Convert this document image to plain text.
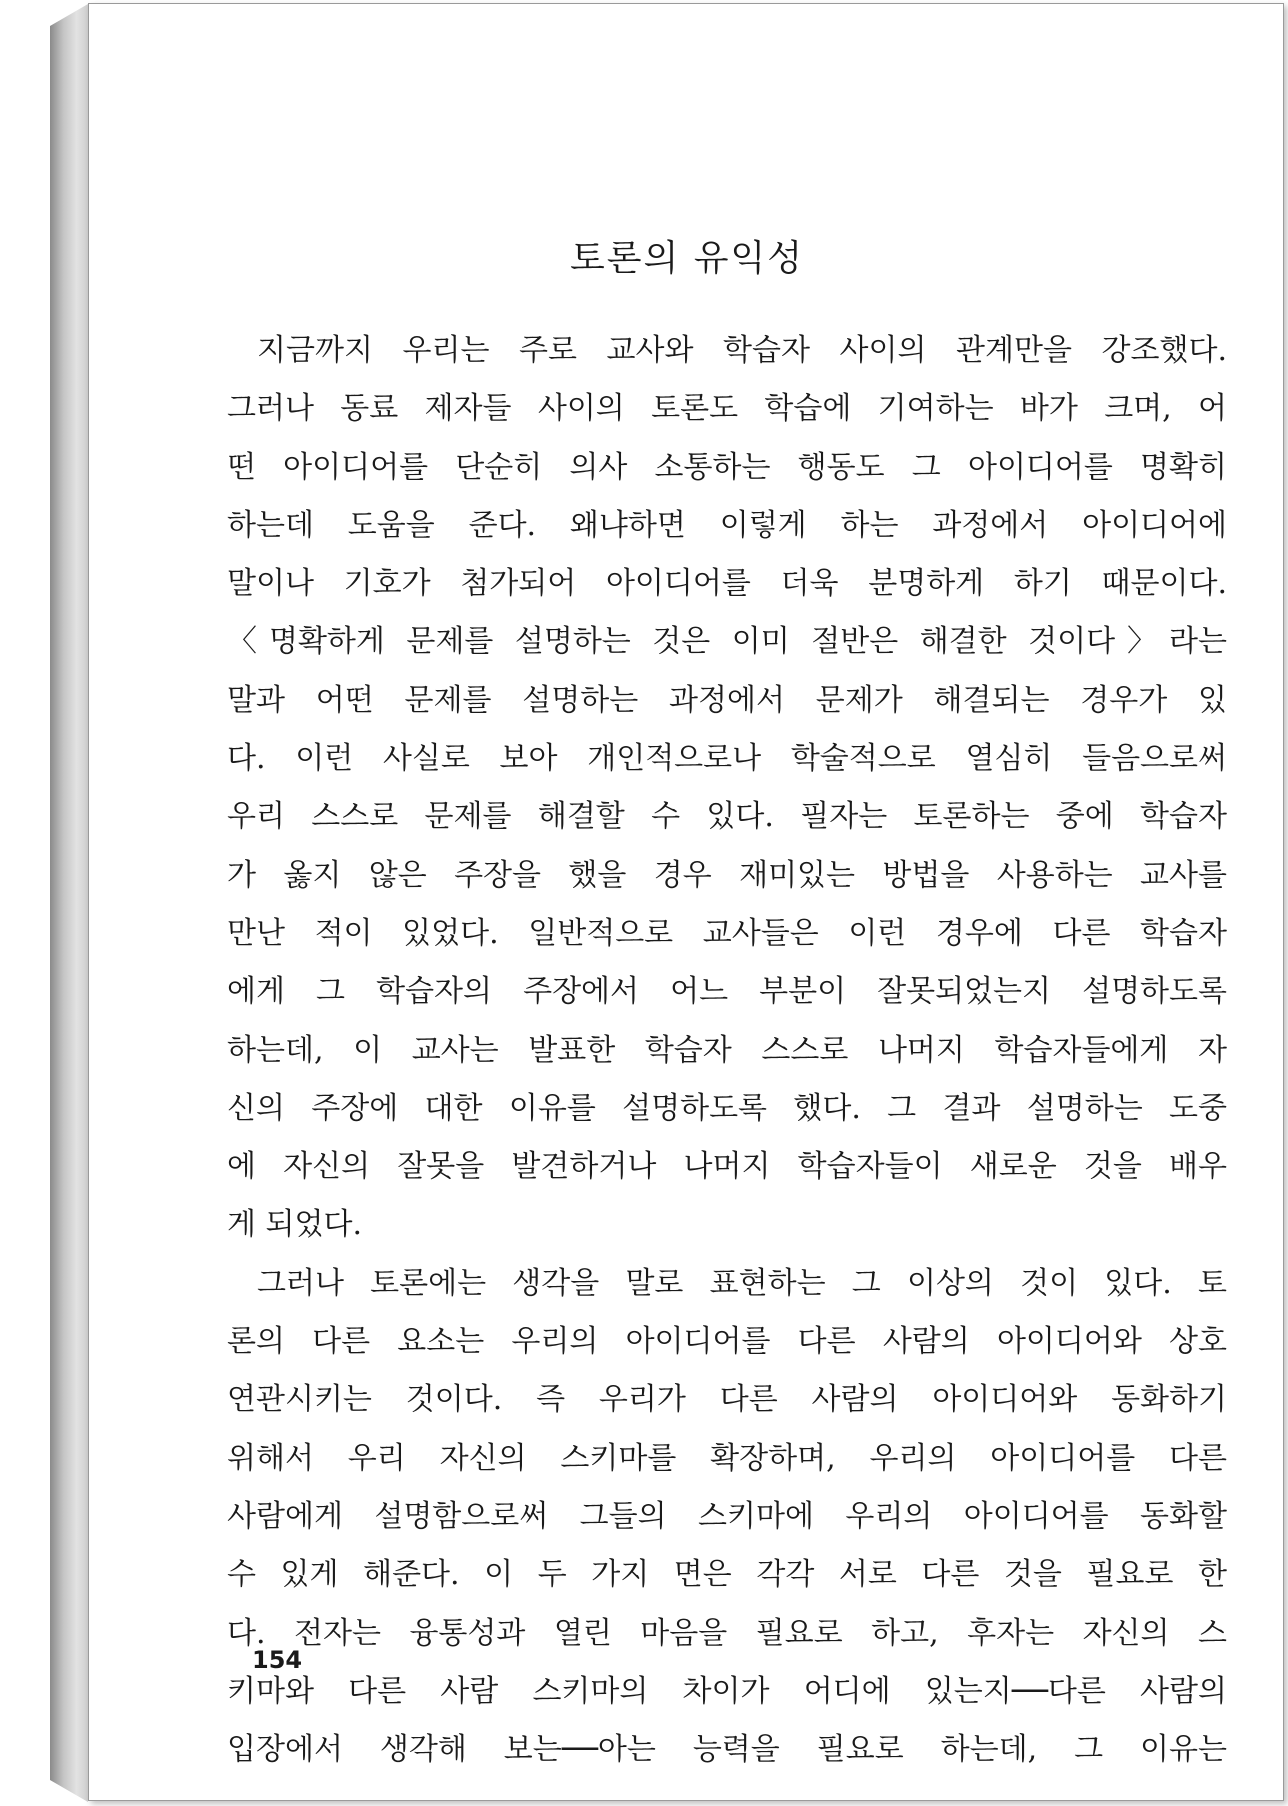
토론의 유익성
지금까지 우리는 주로 교사와 학습자 사이의 관계만을 강조했다.
그러나 동료 제자들 사이의 토론도 학습에 기여하는 바가 크며, 어
떤 아이디어를 단순히 의사 소통하는 행동도 그 아이디어를 명확히
하는데 도움을 준다. 왜냐하면 이렇게 하는 과정에서 아이디어에
말이나 기호가 첨가되어 아이디어를 더욱 분명하게 하기 때문이다.
〈명확하게 문제를 설명하는 것은 이미 절반은 해결한 것이다〉라는
말과 어떤 문제를 설명하는 과정에서 문제가 해결되는 경우가 있
다. 이런 사실로 보아 개인적으로나 학술적으로 열심히 들음으로써
우리 스스로 문제를 해결할 수 있다. 필자는 토론하는 중에 학습자
가 옳지 않은 주장을 했을 경우 재미있는 방법을 사용하는 교사를
만난 적이 있었다. 일반적으로 교사들은 이런 경우에 다른 학습자
에게 그 학습자의 주장에서 어느 부분이 잘못되었는지 설명하도록
하는데, 이 교사는 발표한 학습자 스스로 나머지 학습자들에게 자
신의 주장에 대한 이유를 설명하도록 했다. 그 결과 설명하는 도중
에 자신의 잘못을 발견하거나 나머지 학습자들이 새로운 것을 배우
게 되었다.
그러나 토론에는 생각을 말로 표현하는 그 이상의 것이 있다. 토
론의 다른 요소는 우리의 아이디어를 다른 사람의 아이디어와 상호
연관시키는 것이다. 즉 우리가 다른 사람의 아이디어와 동화하기
위해서 우리 자신의 스키마를 확장하며, 우리의 아이디어를 다른
사람에게 설명함으로써 그들의 스키마에 우리의 아이디어를 동화할
수 있게 해준다. 이 두 가지 면은 각각 서로 다른 것을 필요로 한
다. 전자는 융통성과 열린 마음을 필요로 하고, 후자는 자신의 스
키마와 다른 사람 스키마의 차이가 어디에 있는지──다른 사람의
입장에서 생각해 보는──아는 능력을 필요로 하는데, 그 이유는
154
